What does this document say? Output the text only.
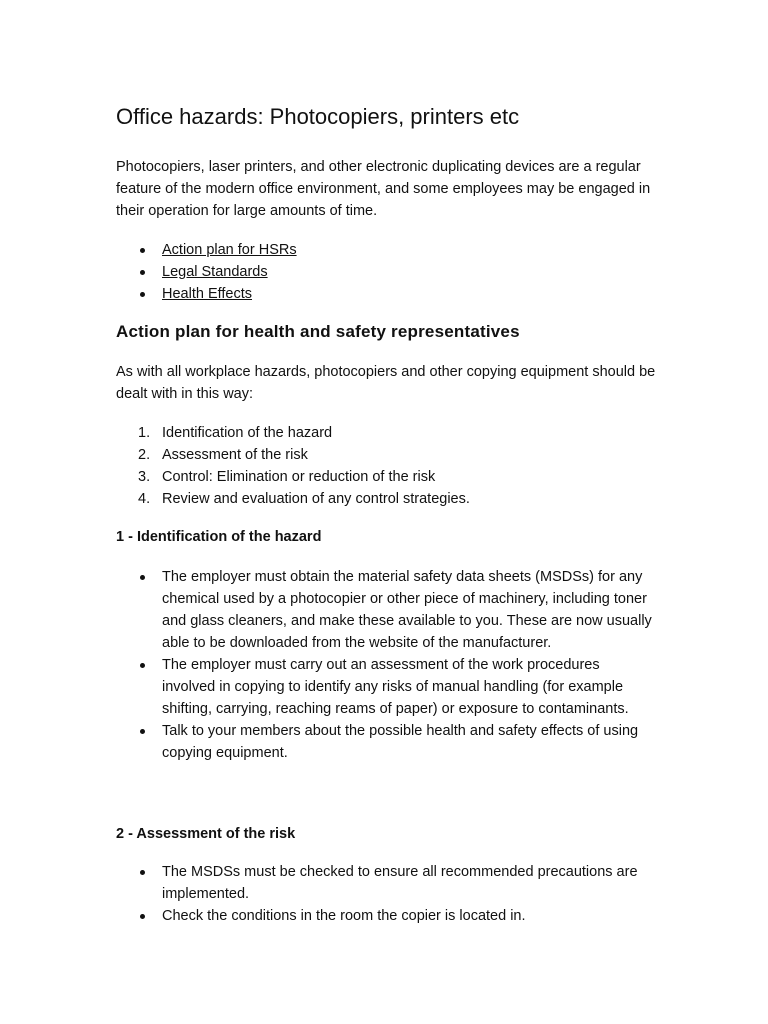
Office hazards: Photocopiers, printers etc

Photocopiers, laser printers, and other electronic duplicating devices are a regular feature of the modern office environment, and some employees may be engaged in their operation for large amounts of time.

Action plan for HSRs
Legal Standards
Health Effects
Action plan for health and safety representatives

As with all workplace hazards, photocopiers and other copying equipment should be dealt with in this way:

1. Identification of the hazard
2. Assessment of the risk
3. Control: Elimination or reduction of the risk
4. Review and evaluation of any control strategies.
1 - Identification of the hazard
The employer must obtain the material safety data sheets (MSDSs) for any chemical used by a photocopier or other piece of machinery, including toner and glass cleaners, and make these available to you. These are now usually able to be downloaded from the website of the manufacturer.
The employer must carry out an assessment of the work procedures involved in copying to identify any risks of manual handling (for example shifting, carrying, reaching reams of paper) or exposure to contaminants.
Talk to your members about the possible health and safety effects of using copying equipment.
2 - Assessment of the risk
The MSDSs must be checked to ensure all recommended precautions are implemented.
Check the conditions in the room the copier is located in.
